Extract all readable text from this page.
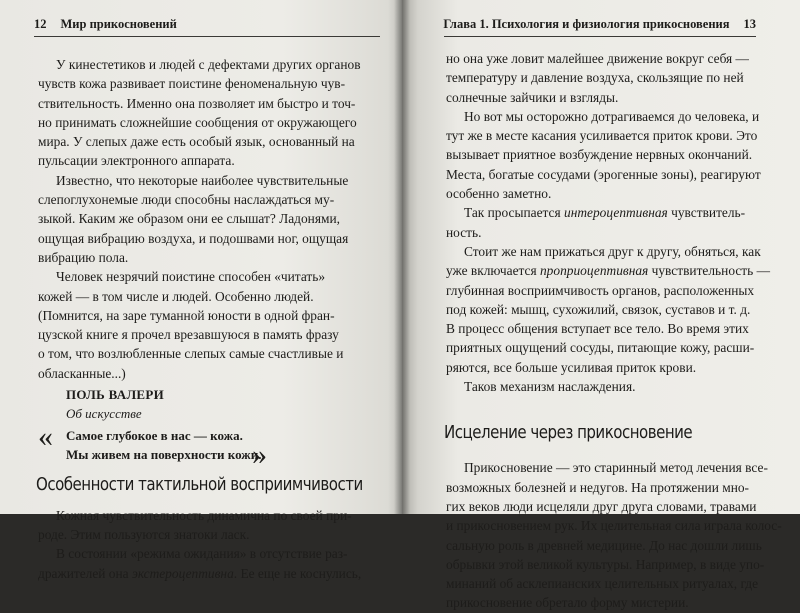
12 Мир прикосновений
У кинестетиков и людей с дефектами других органов
чувств кожа развивает поистине феноменальную чув-
ствительность. Именно она позволяет им быстро и точ-
но принимать сложнейшие сообщения от окружающего
мира. У слепых даже есть особый язык, основанный на
пульсации электронного аппарата.
Известно, что некоторые наиболее чувствительные
слепоглухонемые люди способны наслаждаться му-
зыкой. Каким же образом они ее слышат? Ладонями,
ощущая вибрацию воздуха, и подошвами ног, ощущая
вибрацию пола.
Человек незрячий поистине способен «читать»
кожей — в том числе и людей. Особенно людей.
(Помнится, на заре туманной юности в одной фран-
цузской книге я прочел врезавшуюся в память фразу
о том, что возлюбленные слепых самые счастливые и
обласканные...)
ПОЛЬ ВАЛЕРИ
Об искусстве
« Самое глубокое в нас — кожа.
Мы живем на поверхности кожи.
»
Особенности тактильной восприимчивости
Кожная чувствительность динамична по своей при-
роде. Этим пользуются знатоки ласк.
В состоянии «режима ожидания» в отсутствие раз-
дражителей она экстероцептивна. Ее еще не коснулись,
Глава 1. Психология и физиология прикосновения 13
но она уже ловит малейшее движение вокруг себя —
температуру и давление воздуха, скользящие по ней
солнечные зайчики и взгляды.
Но вот мы осторожно дотрагиваемся до человека, и
тут же в месте касания усиливается приток крови. Это
вызывает приятное возбуждение нервных окончаний.
Места, богатые сосудами (эрогенные зоны), реагируют
особенно заметно.
Так просыпается интероцептивная чувствитель-
ность.
Стоит же нам прижаться друг к другу, обняться, как
уже включается проприоцептивная чувствительность —
глубинная восприимчивость органов, расположенных
под кожей: мышц, сухожилий, связок, суставов и т. д.
В процесс общения вступает все тело. Во время этих
приятных ощущений сосуды, питающие кожу, расши-
ряются, все больше усиливая приток крови.
Таков механизм наслаждения.
Исцеление через прикосновение
Прикосновение — это старинный метод лечения все-
возможных болезней и недугов. На протяжении мно-
гих веков люди исцеляли друг друга словами, травами
и прикосновением рук. Их целительная сила играла колос-
сальную роль в древней медицине. До нас дошли лишь
обрывки этой великой культуры. Например, в виде упо-
минаний об асклепианских целительных ритуалах, где
прикосновение обретало форму мистерии.
